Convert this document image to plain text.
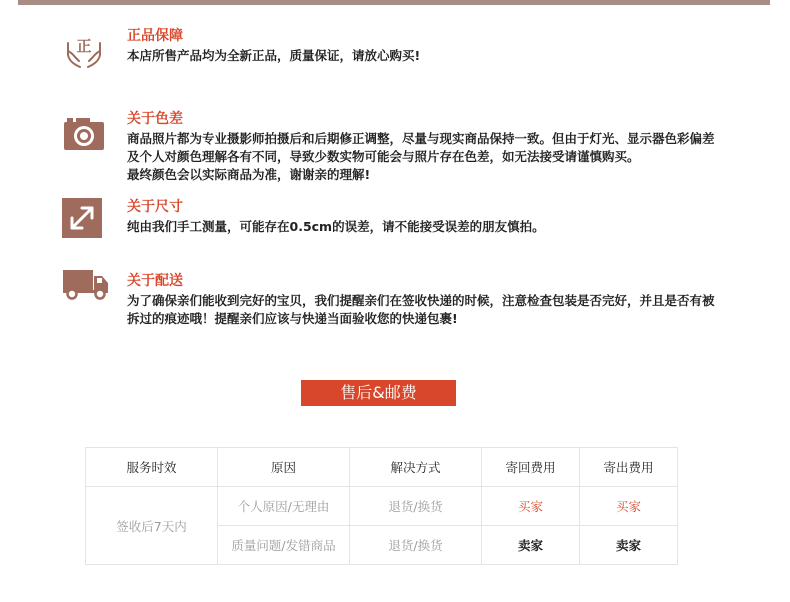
正
正品保障

本店所售产品均为全新正品，质量保证，请放心购买!

关于色差

商品照片都为专业摄影师拍摄后和后期修正调整，尽量与现实商品保持一致。但由于灯光、显示器色彩偏差

及个人对颜色理解各有不同，导致少数实物可能会与照片存在色差，如无法接受请谨慎购买。

最终颜色会以实际商品为准，谢谢亲的理解!

关于尺寸

纯由我们手工测量，可能存在0.5cm的误差，请不能接受误差的朋友慎拍。

关于配送

为了确保亲们能收到完好的宝贝，我们提醒亲们在签收快递的时候，注意检查包装是否完好，并且是否有被

拆过的痕迹哦！提醒亲们应该与快递当面验收您的快递包裹!

售后&邮费
服务时效	原因	解决方式	寄回费用	寄出费用
签收后7天内	个人原因/无理由	退货/换货	买家	买家
	质量问题/发错商品	退货/换货	卖家	卖家
